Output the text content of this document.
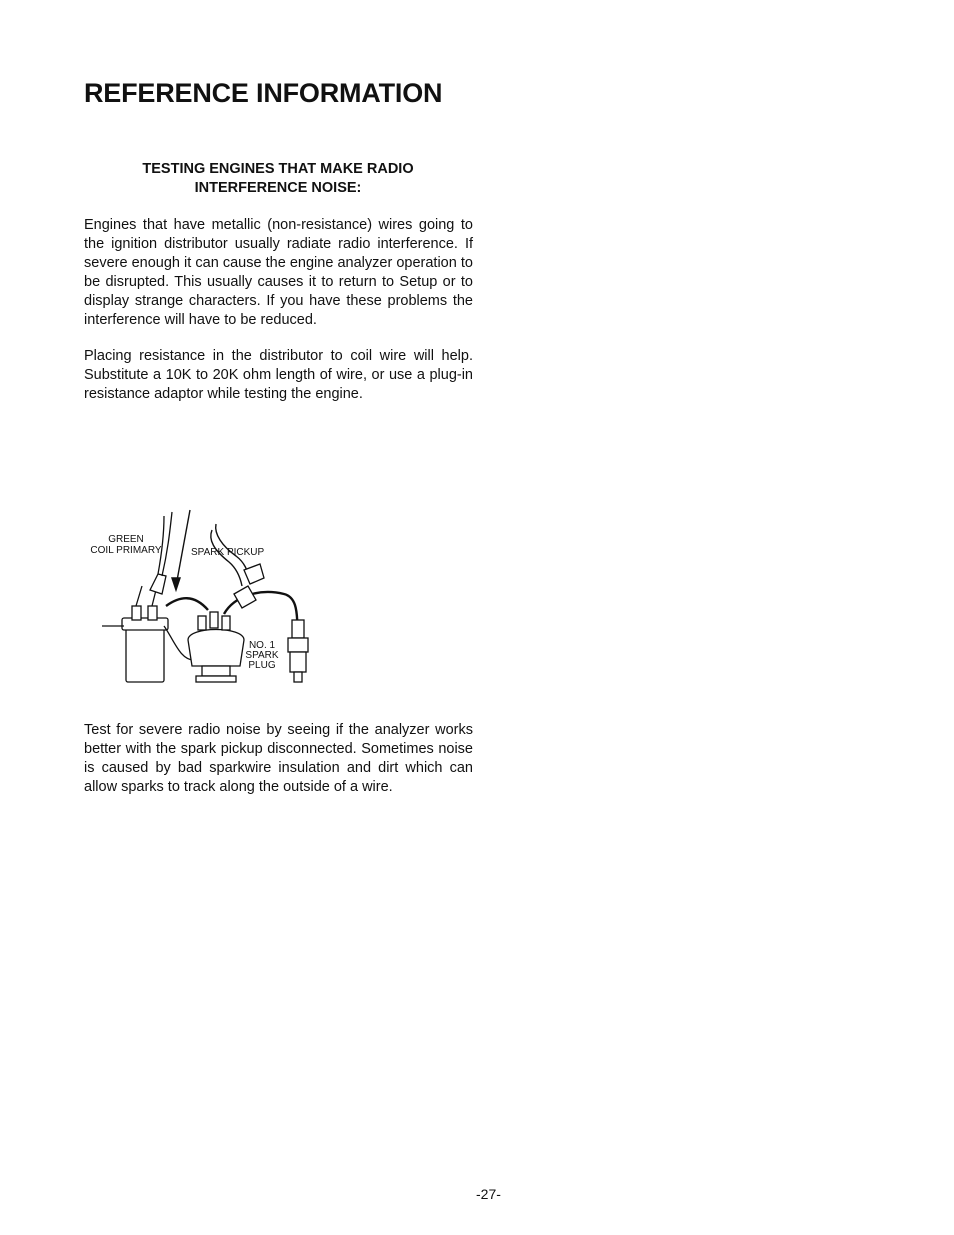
REFERENCE INFORMATION
TESTING ENGINES THAT MAKE RADIO
INTERFERENCE NOISE:

Engines that have metallic (non-resistance) wires going to the ignition distributor usually radiate radio interference. If severe enough it can cause the engine analyzer operation to be disrupted. This usually causes it to return to Setup or to display strange characters. If you have these problems the interference will have to be reduced.

Placing resistance in the distributor to coil wire will help. Substitute a 10K to 20K ohm length of wire, or use a plug-in resistance adaptor while testing the engine.

GREEN
COIL PRIMARY	SPARK PICKUP
NO. 1
SPARK
PLUG

Test for severe radio noise by seeing if the analyzer works better with the spark pickup disconnected. Sometimes noise is caused by bad sparkwire insulation and dirt which can allow sparks to track along the outside of a wire.

-27-
